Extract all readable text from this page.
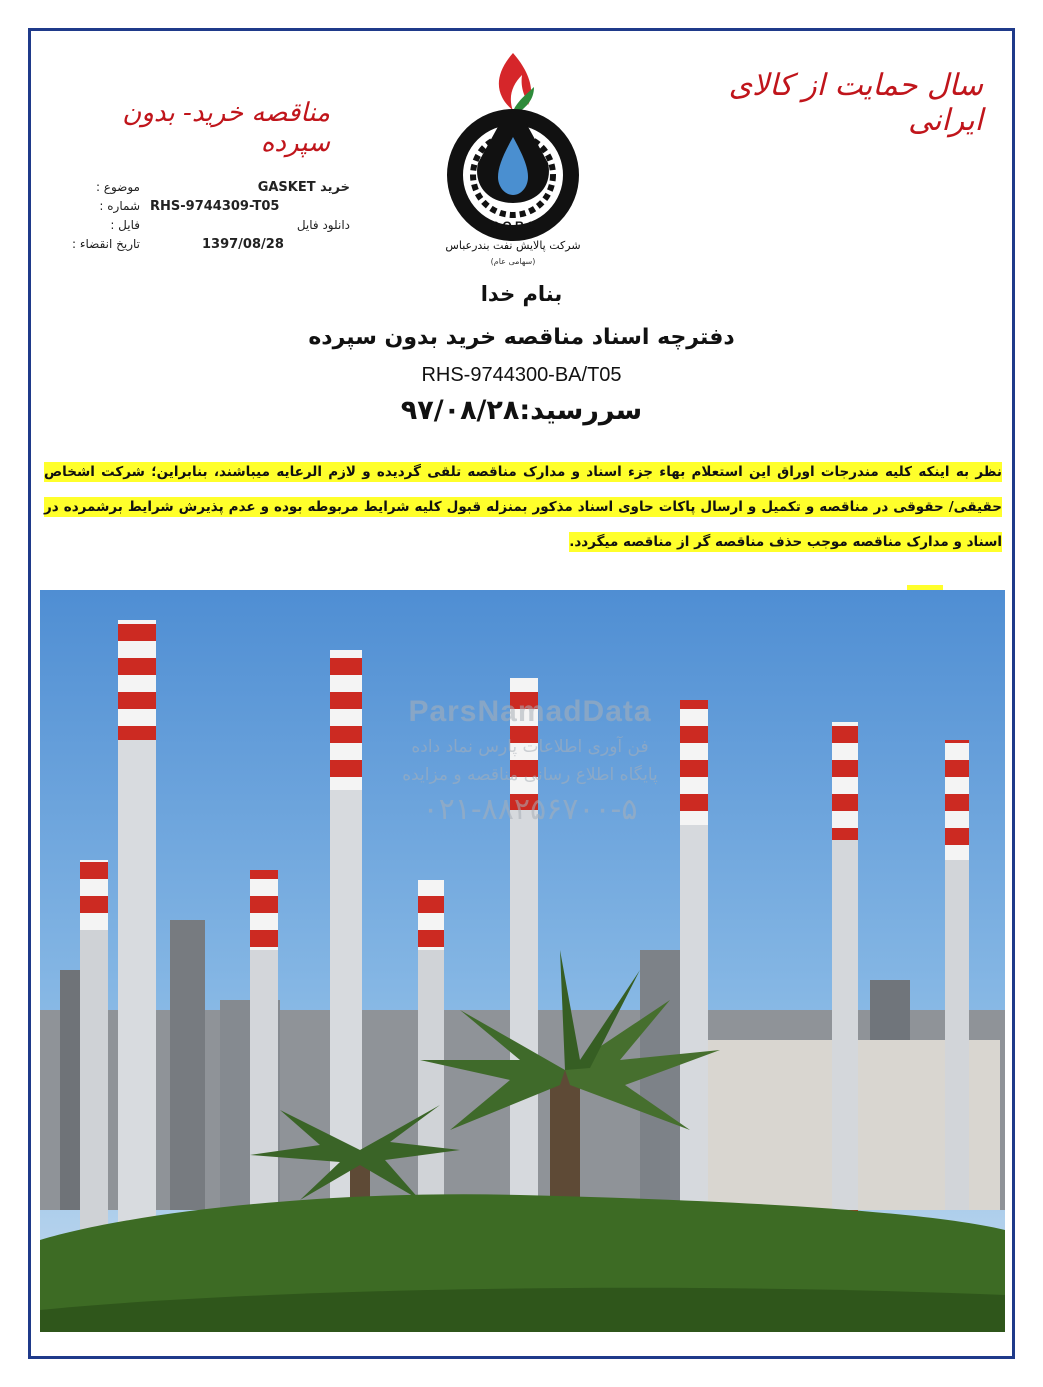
سال حمایت از کالای ایرانی
مناقصه خرید- بدون سپرده
B.O.R.C
شرکت پالایش نفت بندرعباس
(سهامی عام)
موضوع :	خرید GASKET
شماره : RHS-9744309-T05
فایل :	دانلود فایل
تاریخ انقضاء :	1397/08/28
بنام خدا
دفترچه اسناد مناقصه خرید بدون سپرده
RHS-9744300-BA/T05
سررسید:۹۷/۰۸/۲۸
نظر به اینکه کلیه مندرجات اوراق این استعلام بهاء جزء اسناد و مدارک مناقصه تلقی گردیده و لازم الرعایه میباشند، بنابراین؛ شرکت اشخاص حقیقی/ حقوقی در مناقصه و تکمیل و ارسال پاکات حاوی اسناد مذکور بمنزله قبول کلیه شرایط مربوطه بوده و عدم پذیرش شرایط برشمرده در اسناد و مدارک مناقصه موجب حذف مناقصه گر از مناقصه میگردد.
ParsNamadData
فن آوری اطلاعات پارس نماد داده
پایگاه اطلاع رسانی مناقصه و مزایده
۰۲۱-۸۸۲۵۶۷۰۰-۵
